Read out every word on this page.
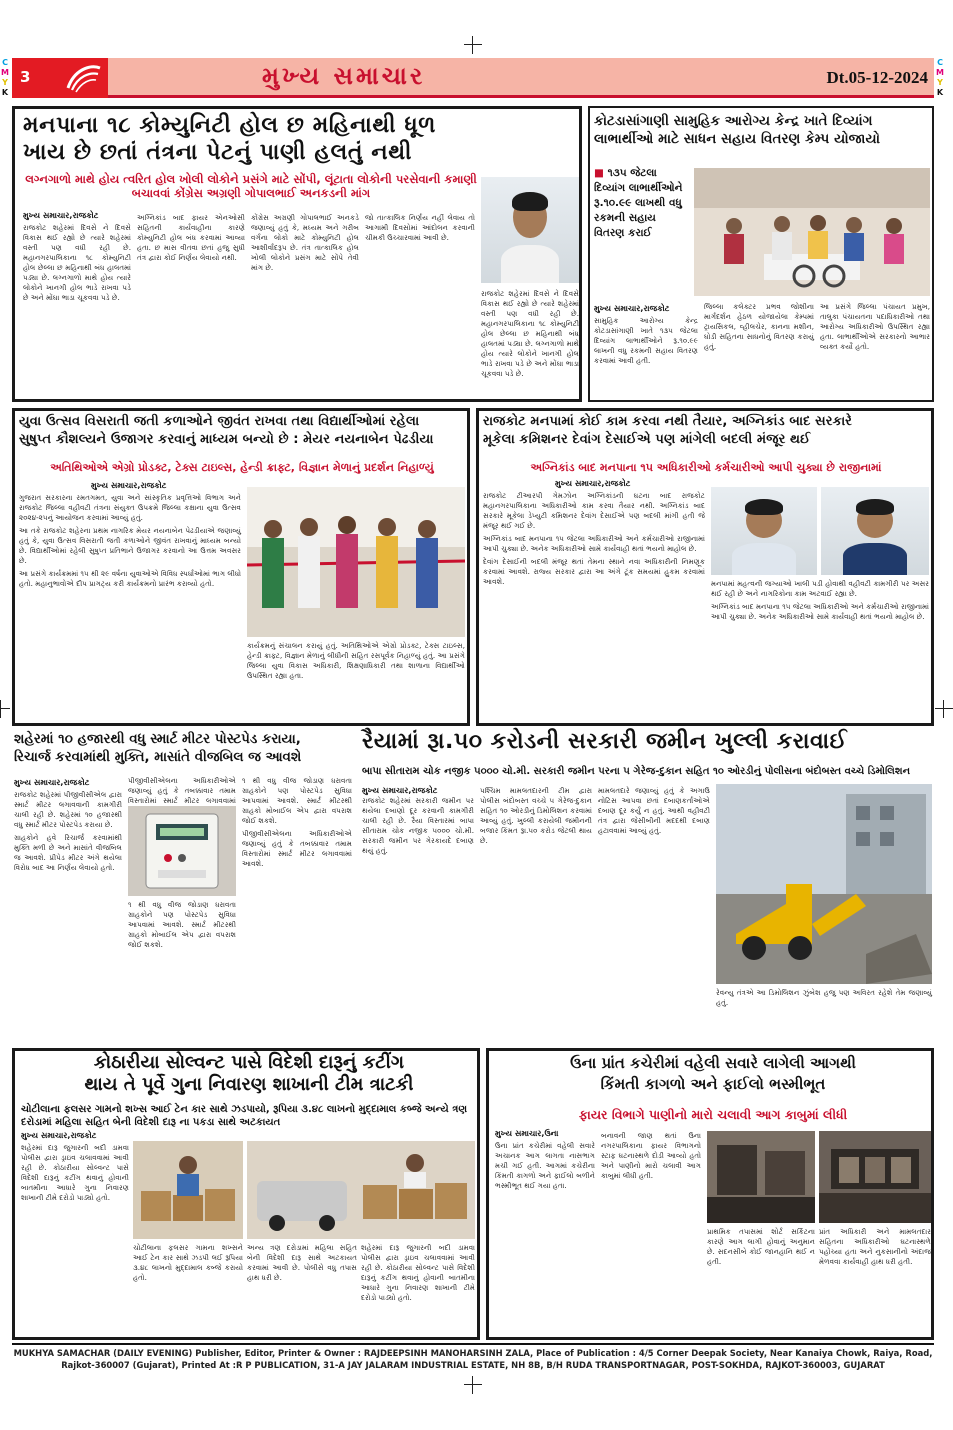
C
M
Y
K
C
M
Y
K
3	મુખ્ય સમાચાર	Dt.05-12-2024
મનપાના ૧૮ કોમ્યુનિટી હોલ છ મહિનાથી ધૂળ
ખાય છે છતાં તંત્રના પેટનું પાણી હલતું નથી
લગ્નગાળો માથે હોય ત્વરિત હોલ ખોલી લોકોને પ્રસંગે માટે સોંપી, લૂંટાતા લોકોની પરસેવાની કમાણી બચાવવાં કોંગ્રેસ અગ્રણી ગોપાલભાઈ અનકડની માંગ
મુખ્ય સમાચાર,રાજકોટ

રાજકોટ શહેરમાં દિવસે ને દિવસે વિકાસ થઈ રહ્યો છે ત્યારે શહેરમાં વસ્તી પણ વધી રહી છે. મહાનગરપાલિકાના ૧૮ કોમ્યુનિટી હોલ છેલ્લા છ મહિનાથી બંધ હાલતમાં પડ્યા છે. લગ્નગાળો માથે હોય ત્યારે લોકોને ખાનગી હોલ ભાડે રાખવા પડે છે અને મોંઘા ભાડા ચૂકવવા પડે છે.

અગ્નિકાંડ બાદ ફાયર એનઓસી સહિતની કાર્યવાહીના કારણે કોમ્યુનિટી હોલ બંધ કરવામાં આવ્યા હતા. છ માસ વીતવા છતાં હજુ સુધી તંત્ર દ્વારા કોઈ નિર્ણય લેવાયો નથી.

કોંગ્રેસ અગ્રણી ગોપાલભાઈ અનકડે જણાવ્યું હતું કે, મધ્યમ અને ગરીબ વર્ગના લોકો માટે કોમ્યુનિટી હોલ આશીર્વાદરૂપ છે. તંત્ર તાત્કાલિક હોલ ખોલી લોકોને પ્રસંગ માટે સોંપે તેવી માંગ છે.

જો તાત્કાલિક નિર્ણય નહીં લેવાય તો આગામી દિવસોમાં આંદોલન કરવાની ચીમકી ઉચ્ચારવામાં આવી છે.

રાજકોટ શહેરમાં દિવસે ને દિવસે વિકાસ થઈ રહ્યો છે ત્યારે શહેરમાં વસ્તી પણ વધી રહી છે. મહાનગરપાલિકાના ૧૮ કોમ્યુનિટી હોલ છેલ્લા છ મહિનાથી બંધ હાલતમાં પડ્યા છે. લગ્નગાળો માથે હોય ત્યારે લોકોને ખાનગી હોલ ભાડે રાખવા પડે છે અને મોંઘા ભાડા ચૂકવવા પડે છે.

કોટડાસાંગાણી સામુહિક આરોગ્ય કેન્દ્ર ખાતે દિવ્યાંગ
લાભાર્થીઓ માટે સાધન સહાય વિતરણ કેમ્પ યોજાયો
■ ૧૩૫ જેટલા દિવ્યાંગ લાભાર્થીઓને રૂ.૧૦.૯૯ લાખથી વધુ રકમની સહાય વિતરણ કરાઈ
મુખ્ય સમાચાર,રાજકોટ

સામુહિક આરોગ્ય કેન્દ્ર કોટડાસાંગાણી ખાતે ૧૩૫ જેટલા દિવ્યાંગ લાભાર્થીઓને રૂ.૧૦.૯૯ લાખની વધુ રકમની સહાય વિતરણ કરવામાં આવી હતી.

જિલ્લા કલેક્ટર પ્રભવ જોશીના માર્ગદર્શન હેઠળ યોજાયેલા કેમ્પમાં ટ્રાયસિકલ, વ્હીલચેર, કાનના મશીન, ઘોડી સહિતના સાધનોનું વિતરણ કરાયું હતું.

આ પ્રસંગે જિલ્લા પંચાયત પ્રમુખ, તાલુકા પંચાયતના પદાધિકારીઓ તથા આરોગ્ય અધિકારીઓ ઉપસ્થિત રહ્યા હતા. લાભાર્થીઓએ સરકારનો આભાર વ્યક્ત કર્યો હતો.

યુવા ઉત્સવ વિસરાતી જતી કળાઓને જીવંત રાખવા તથા વિદ્યાર્થીઓમાં રહેલા
સુષુપ્ત કૌશલ્યને ઉજાગર કરવાનું માધ્યમ બન્યો છે : મેયર નયનાબેન પેઢડીયા
અતિથિઓએ એગ્રો પ્રોડક્ટ, ટેક્સ ટાઇલ્સ, હેન્ડી ક્રાફ્ટ, વિજ્ઞાન મેળાનું પ્રદર્શન નિહાળ્યું
મુખ્ય સમાચાર,રાજકોટ

ગુજરાત સરકારના રમતગમત, યુવા અને સાંસ્કૃતિક પ્રવૃત્તિઓ વિભાગ અને રાજકોટ જિલ્લા વહીવટી તંત્રના સંયુક્ત ઉપક્રમે જિલ્લા કક્ષાના યુવા ઉત્સવ ૨૦૨૪-૨૫નું આયોજન કરવામાં આવ્યું હતું.

આ તકે રાજકોટ શહેરના પ્રથમ નાગરિક મેયર નયનાબેન પેઢડીયાએ જણાવ્યું હતું કે, યુવા ઉત્સવ વિસરાતી જતી કળાઓને જીવંત રાખવાનું માધ્યમ બન્યો છે. વિદ્યાર્થીઓમાં રહેલી સુષુપ્ત પ્રતિભાને ઉજાગર કરવાનો આ ઉત્તમ અવસર છે.

આ પ્રસંગે કાર્યક્રમમાં ૧૫ થી ૨૯ વર્ષના યુવાઓએ વિવિધ સ્પર્ધાઓમાં ભાગ લીધો હતો. મહાનુભાવોએ દીપ પ્રાગટ્ય કરી કાર્યક્રમનો પ્રારંભ કરાવ્યો હતો.

કાર્યક્રમનું સંચાલન કરાયું હતું. અતિથિઓએ એગ્રો પ્રોડક્ટ, ટેક્સ ટાઇલ્સ, હેન્ડી ક્રાફ્ટ, વિજ્ઞાન મેળાનું લીધીની સહિત રસપૂર્વક નિહાળ્યું હતું. આ પ્રસંગે જિલ્લા યુવા વિકાસ અધિકારી, શિક્ષણાધિકારી તથા શાળાના વિદ્યાર્થીઓ ઉપસ્થિત રહ્યા હતા.

રાજકોટ મનપામાં કોઈ કામ કરવા નથી તૈયાર, અગ્નિકાંડ બાદ સરકારે
મૂકેલા કમિશનર દેવાંગ દેસાઈએ પણ માંગેલી બદલી મંજૂર થઈ
અગ્નિકાંડ બાદ મનપાના ૧૫ અધિકારીઓ કર્મચારીઓ આપી ચુક્યા છે રાજીનામાં
મુખ્ય સમાચાર,રાજકોટ

રાજકોટ ટીઆરપી ગેમઝોન અગ્નિકાંડની ઘટના બાદ રાજકોટ મહાનગરપાલિકાના અધિકારીઓ કામ કરવા તૈયાર નથી. અગ્નિકાંડ બાદ સરકારે મૂકેલા ડેપ્યુટી કમિશનર દેવાંગ દેસાઈએ પણ બદલી માંગી હતી જે મંજૂર થઈ ગઈ છે.

અગ્નિકાંડ બાદ મનપાના ૧૫ જેટલા અધિકારીઓ અને કર્મચારીઓ રાજીનામાં આપી ચુક્યા છે. અનેક અધિકારીઓ સામે કાર્યવાહી થતાં ભયનો માહોલ છે.

દેવાંગ દેસાઈની બદલી મંજૂર થતાં તેમના સ્થાને નવા અધિકારીની નિમણૂક કરવામાં આવશે. રાજ્ય સરકાર દ્વારા આ અંગે ટૂંક સમયમાં હુકમ કરવામાં આવશે.	મનપામાં મહત્વની જગ્યાઓ ખાલી પડી હોવાથી વહીવટી કામગીરી પર અસર થઈ રહી છે અને નાગરિકોના કામ અટવાઈ રહ્યા છે.

અગ્નિકાંડ બાદ મનપાના ૧૫ જેટલા અધિકારીઓ અને કર્મચારીઓ રાજીનામાં આપી ચુક્યા છે. અનેક અધિકારીઓ સામે કાર્યવાહી થતાં ભયનો માહોલ છે.

શહેરમાં ૧૦ હજારથી વધુ સ્માર્ટ મીટર પોસ્ટપેડ કરાયા,
રિચાર્જ કરવામાંથી મુક્તિ, માસાંતે વીજબિલ જ આવશે
મુખ્ય સમાચાર,રાજકોટ

રાજકોટ શહેરમાં પીજીવીસીએલ દ્વારા સ્માર્ટ મીટર લગાવવાની કામગીરી ચાલી રહી છે. શહેરમાં ૧૦ હજારથી વધુ સ્માર્ટ મીટર પોસ્ટપેડ કરાયા છે.

ગ્રાહકોને હવે રિચાર્જ કરવામાંથી મુક્તિ મળી છે અને માસાંતે વીજબિલ જ આવશે. પ્રીપેડ મીટર અંગે થયેલા વિરોધ બાદ આ નિર્ણય લેવાયો હતો.

પીજીવીસીએલના અધિકારીઓએ જણાવ્યું હતું કે તબક્કાવાર તમામ વિસ્તારોમાં સ્માર્ટ મીટર લગાવવામાં

૧ થી વધુ વીજ જોડાણ ધરાવતા ગ્રાહકોને પણ પોસ્ટપેડ સુવિધા આપવામાં આવશે. સ્માર્ટ મીટરથી ગ્રાહકો મોબાઈલ એપ દ્વારા વપરાશ જોઈ શકશે.

૧ થી વધુ વીજ જોડાણ ધરાવતા ગ્રાહકોને પણ પોસ્ટપેડ સુવિધા આપવામાં આવશે. સ્માર્ટ મીટરથી ગ્રાહકો મોબાઈલ એપ દ્વારા વપરાશ જોઈ શકશે.

પીજીવીસીએલના અધિકારીઓએ જણાવ્યું હતું કે તબક્કાવાર તમામ વિસ્તારોમાં સ્માર્ટ મીટર લગાવવામાં આવશે.

રૈયામાં રૂા.૫૦ કરોડની સરકારી જમીન ખુલ્લી કરાવાઈ
બાપા સીતારામ ચોક નજીક ૫૦૦૦ ચો.મી. સરકારી જમીન પરના ૫ ગેરેજ-દુકાન સહિત ૧૦ ઓરડીનું પોલીસના બંદોબસ્ત વચ્ચે ડિમોલિશન
મુખ્ય સમાચાર,રાજકોટ

રાજકોટ શહેરમાં સરકારી જમીન પર થયેલા દબાણો દૂર કરવાની કામગીરી ચાલી રહી છે. રૈયા વિસ્તારમાં બાપા સીતારામ ચોક નજીક ૫૦૦૦ ચો.મી. સરકારી જમીન પર ગેરકાયદે દબાણ થયું હતું.

પશ્ચિમ મામલતદારની ટીમ દ્વારા પોલીસ બંદોબસ્ત વચ્ચે ૫ ગેરેજ-દુકાન સહિત ૧૦ ઓરડીનું ડિમોલિશન કરવામાં આવ્યું હતું. ખુલ્લી કરાયેલી જમીનની બજાર કિંમત રૂા.૫૦ કરોડ જેટલી થાય છે.

મામલતદારે જણાવ્યું હતું કે અગાઉ નોટિસ આપવા છતાં દબાણકર્તાઓએ દબાણ દૂર કર્યું ન હતું. આથી વહીવટી તંત્ર દ્વારા જેસીબીની મદદથી દબાણ હટાવવામાં આવ્યું હતું.

રેવન્યુ તંત્રએ આ ડિમોલિશન ઝુંબેશ હજુ પણ અવિરત રહેશે તેમ જણાવ્યું હતું.

કોઠારીયા સોલ્વન્ટ પાસે વિદેશી દારૂનું કટીંગ
થાય તે પૂર્વે ગુના નિવારણ શાખાની ટીમ ત્રાટકી
ચોટીલાના ફલસર ગામનો શખ્સ આઈ ટેન કાર સાથે ઝડપાયો, રૂપિયા ૩.૪૮ લાખનો મુદ્દામાલ કબ્જે અન્યે ત્રણ દરોડામાં મહિલા સહિત બેની વિદેશી દારૂ ના પકડા સાથે અટકાયત
મુખ્ય સમાચાર,રાજકોટ

શહેરમાં દારૂ જુગારની બદી ડામવા પોલીસ દ્વારા ડ્રાઇવ ચલાવવામાં આવી રહી છે. કોઠારીયા સોલ્વન્ટ પાસે વિદેશી દારૂનું કટીંગ થવાનું હોવાની બાતમીના આધારે ગુના નિવારણ શાખાની ટીમે દરોડો પાડ્યો હતો.

ચોટીલાના ફલસર ગામના શખ્સને આઈ ટેન કાર સાથે ઝડપી લઈ રૂપિયા ૩.૪૮ લાખનો મુદ્દામાલ કબ્જે કરાયો હતો.

અન્ય ત્રણ દરોડામાં મહિલા સહિત બેની વિદેશી દારૂ સાથે અટકાયત કરવામાં આવી છે. પોલીસે વધુ તપાસ હાથ ધરી છે.

શહેરમાં દારૂ જુગારની બદી ડામવા પોલીસ દ્વારા ડ્રાઇવ ચલાવવામાં આવી રહી છે. કોઠારીયા સોલ્વન્ટ પાસે વિદેશી દારૂનું કટીંગ થવાનું હોવાની બાતમીના આધારે ગુના નિવારણ શાખાની ટીમે દરોડો પાડ્યો હતો.

ઉના પ્રાંત કચેરીમાં વહેલી સવારે લાગેલી આગથી
કિંમતી કાગળો અને ફાઈલો ભસ્મીભૂત
ફાયર વિભાગે પાણીનો મારો ચલાવી આગ કાબુમાં લીધી
મુખ્ય સમાચાર,ઉના

ઉના પ્રાંત કચેરીમાં વહેલી સવારે અચાનક આગ લાગતા નાસભાગ મચી ગઈ હતી. આગમાં કચેરીના કિંમતી કાગળો અને ફાઈલો બળીને ભસ્મીભૂત થઈ ગયા હતા.

બનાવની જાણ થતાં ઉના નગરપાલિકાના ફાયર વિભાગનો સ્ટાફ ઘટનાસ્થળે દોડી આવ્યો હતો અને પાણીનો મારો ચલાવી આગ કાબુમાં લીધી હતી.

પ્રાથમિક તપાસમાં શોર્ટ સર્કિટના કારણે આગ લાગી હોવાનું અનુમાન છે. સદનસીબે કોઈ જાનહાનિ થઈ ન હતી.

પ્રાંત અધિકારી અને મામલતદાર સહિતના અધિકારીઓ ઘટનાસ્થળે પહોંચ્યા હતા અને નુકસાનીનો અંદાજ મેળવવા કાર્યવાહી હાથ ધરી હતી.

MUKHYA SAMACHAR (DAILY EVENING) Publisher, Editor, Printer & Owner : RAJDEEPSINH MANOHARSINH ZALA, Place of Publication : 4/5 Corner Deepak Society, Near Kanaiya Chowk, Raiya, Road,
Rajkot-360007 (Gujarat), Printed At :R P PUBLICATION, 31-A JAY JALARAM INDUSTRIAL ESTATE, NH 8B, B/H RUDA TRANSPORTNAGAR, POST-SOKHDA, RAJKOT-360003, GUJARAT
